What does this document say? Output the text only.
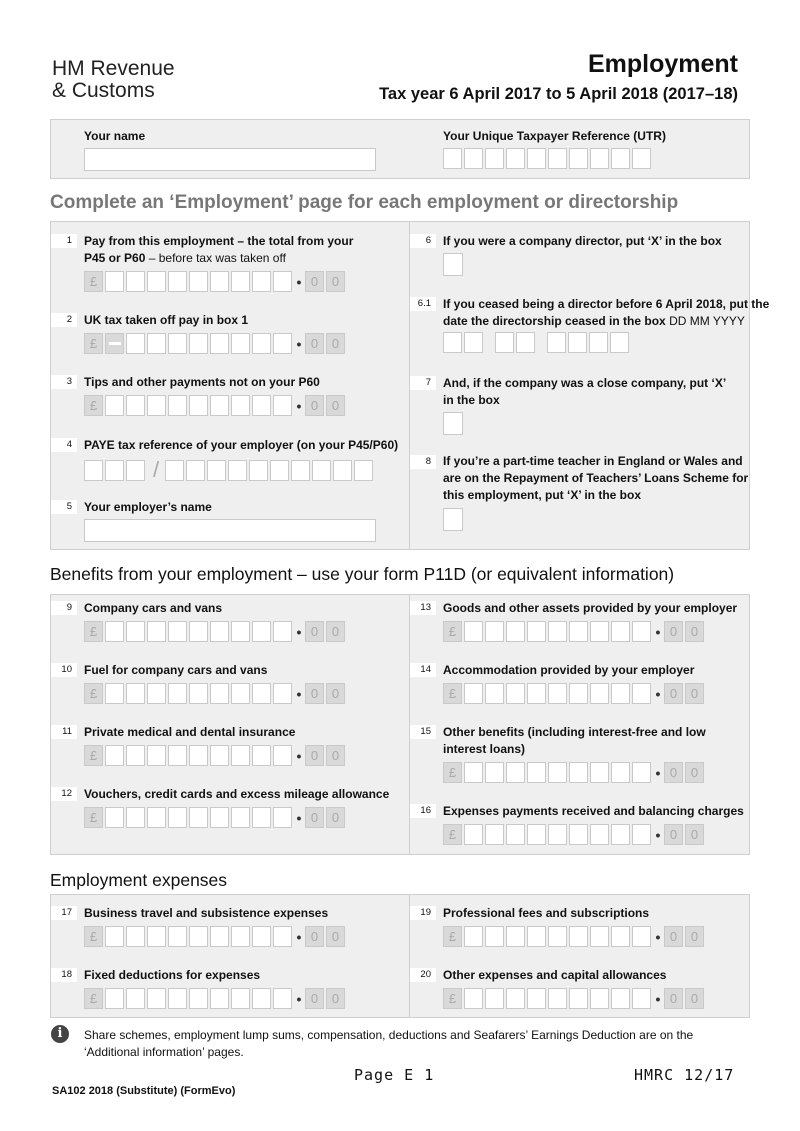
HM Revenue
& Customs
Employment
Tax year 6 April 2017 to 5 April 2018 (2017–18)
Your name	Your Unique Taxpayer Reference (UTR)
Complete an ‘Employment’ page for each employment or directorship
1	Pay from this employment – the total from your
P45 or P60 – before tax was taken off
£	• 0	0
2	UK tax taken off pay in box 1
£	• 0	0
3	Tips and other payments not on your P60
£	• 0	0
4	PAYE tax reference of your employer (on your P45/P60)
/
5	Your employer’s name
6	If you were a company director, put ‘X’ in the box
6.1	If you ceased being a director before 6 April 2018, put the
date the directorship ceased in the box DD MM YYYY
7	And, if the company was a close company, put ‘X’
in the box
8	If you’re a part-time teacher in England or Wales and
are on the Repayment of Teachers’ Loans Scheme for
this employment, put ‘X’ in the box
Benefits from your employment – use your form P11D (or equivalent information)
9	Company cars and vans
£	• 0	0
10	Fuel for company cars and vans
£	• 0	0
11	Private medical and dental insurance
£	• 0	0
12	Vouchers, credit cards and excess mileage allowance
£	• 0	0
13	Goods and other assets provided by your employer
£	• 0	0
14	Accommodation provided by your employer
£	• 0	0
15	Other benefits (including interest-free and low
interest loans)
£	• 0	0
16	Expenses payments received and balancing charges
£	• 0	0
Employment expenses
17	Business travel and subsistence expenses
£	• 0	0
18	Fixed deductions for expenses
£	• 0	0
19	Professional fees and subscriptions
£	• 0	0
20	Other expenses and capital allowances
£	• 0	0
i	Share schemes, employment lump sums, compensation, deductions and Seafarers’ Earnings Deduction are on the
‘Additional information’ pages.
Page E 1	HMRC 12/17
SA102 2018 (Substitute) (FormEvo)
